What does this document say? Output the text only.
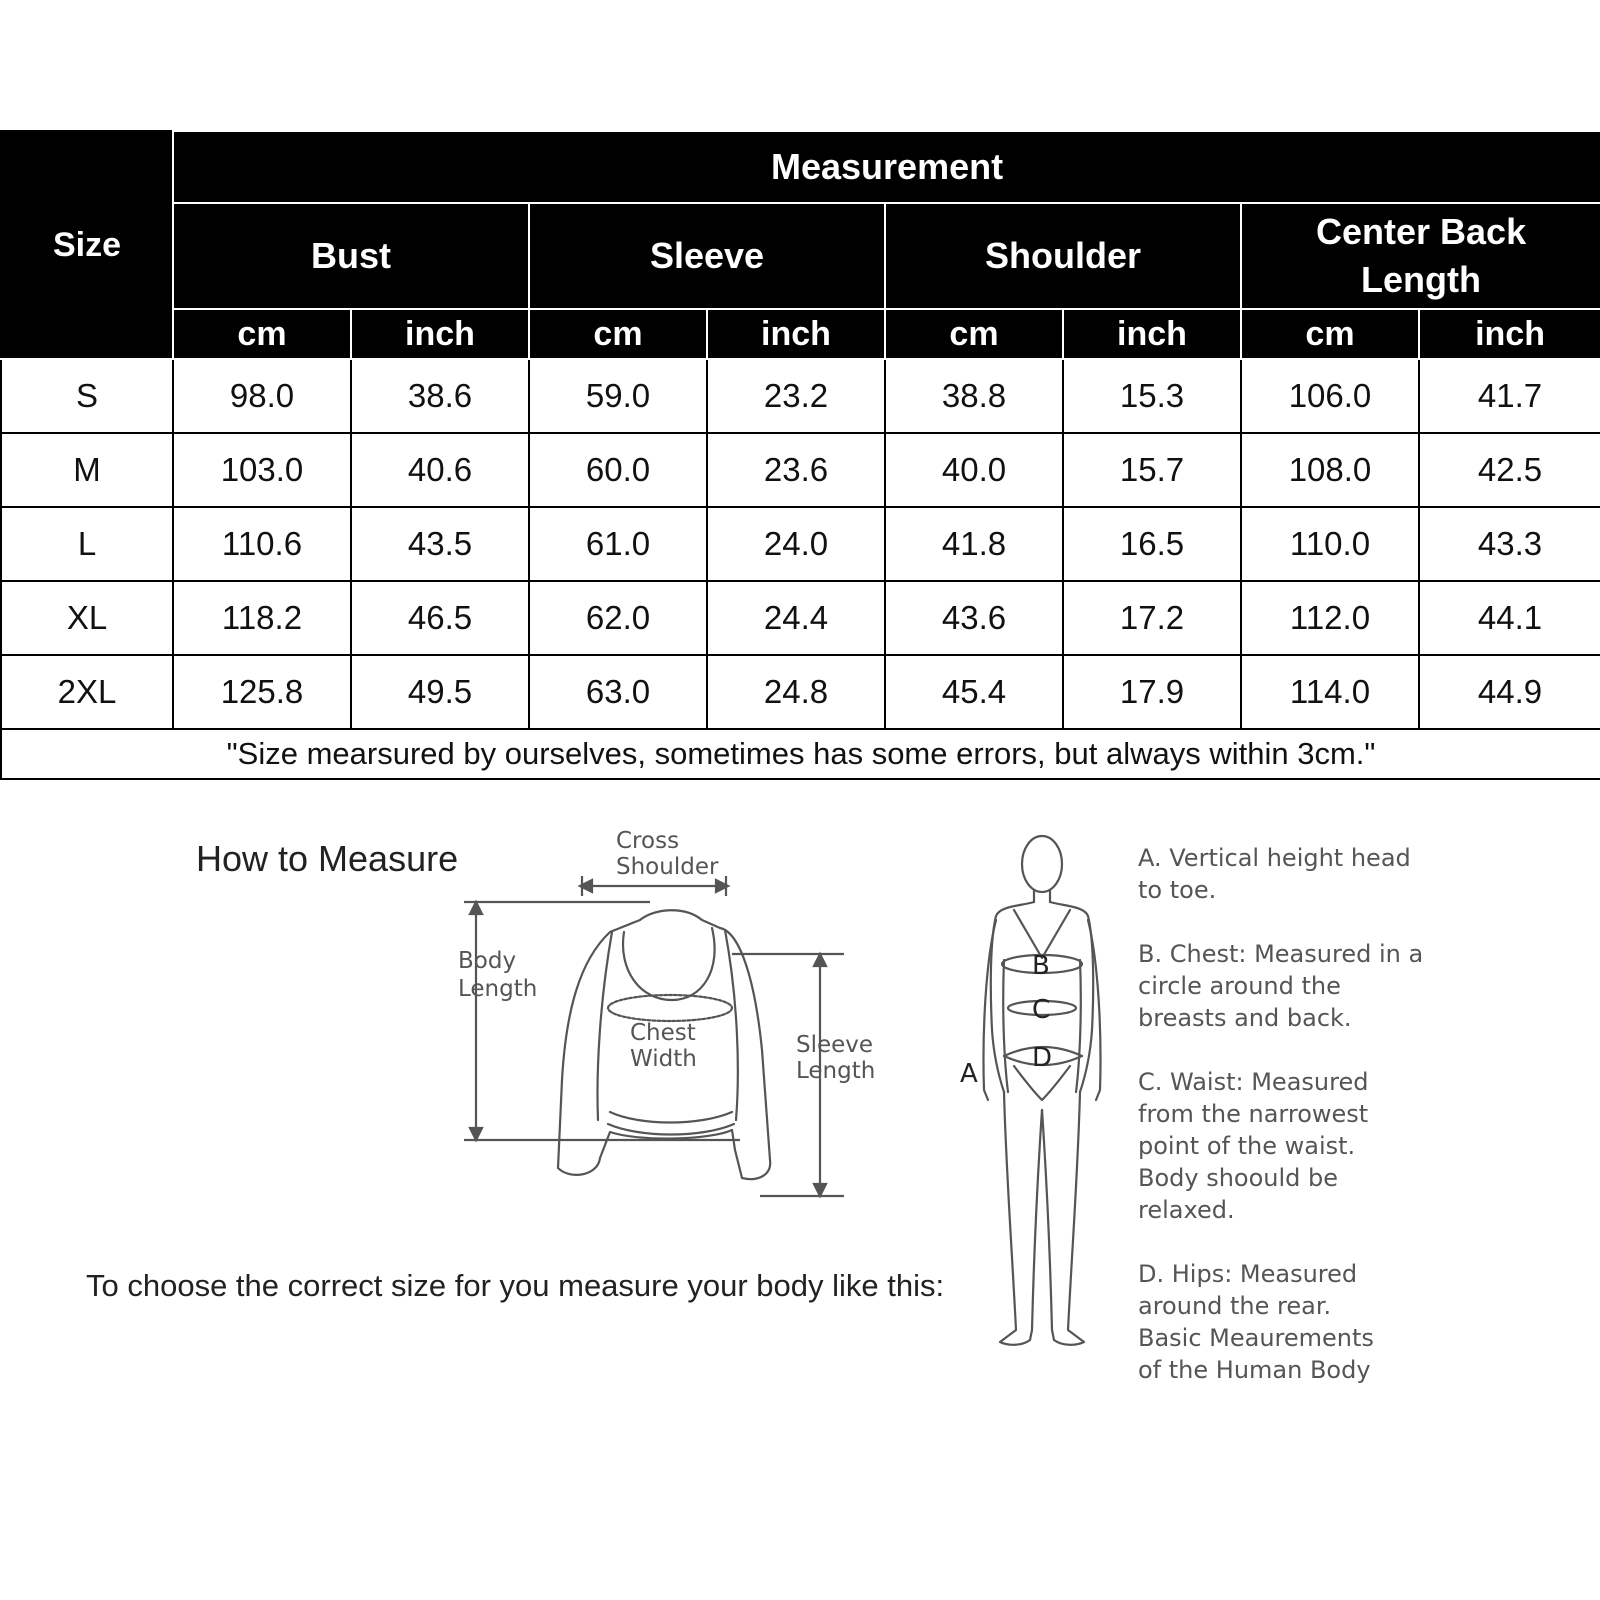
Size	Measurement							
	Bust		Sleeve		Shoulder		Center Back Length	
	cm	inch	cm	inch	cm	inch	cm	inch
S	98.0	38.6	59.0	23.2	38.8	15.3	106.0	41.7
M	103.0	40.6	60.0	23.6	40.0	15.7	108.0	42.5
L	110.6	43.5	61.0	24.0	41.8	16.5	110.0	43.3
XL	118.2	46.5	62.0	24.4	43.6	17.2	112.0	44.1
2XL	125.8	49.5	63.0	24.8	45.4	17.9	114.0	44.9
"Size mearsured by ourselves, sometimes has some errors, but always within 3cm."								

How to Measure

To choose the correct size for you measure your body like this:

Cross
Shoulder
Body
Length
Chest
Width
Sleeve
Length
B
C
D
A
A. Vertical height head
to toe.
B. Chest: Measured in a
circle around the
breasts and back.
C. Waist: Measured
from the narrowest
point of the waist.
Body shoould be
relaxed.
D. Hips: Measured
around the rear.
Basic Meaurements
of the Human Body
